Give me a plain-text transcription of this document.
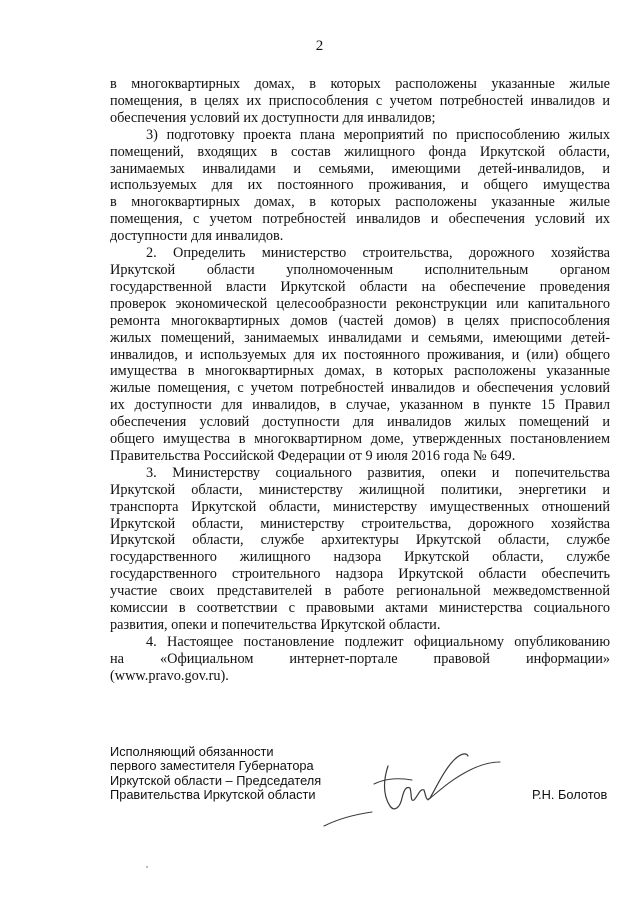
2
в многоквартирных домах, в которых расположены указанные жилые
помещения, в целях их приспособления с учетом потребностей инвалидов и
обеспечения условий их доступности для инвалидов;
3) подготовку проекта плана мероприятий по приспособлению жилых
помещений, входящих в состав жилищного фонда Иркутской области,
занимаемых инвалидами и семьями, имеющими детей-инвалидов, и
используемых для их постоянного проживания, и общего имущества
в многоквартирных домах, в которых расположены указанные жилые
помещения, с учетом потребностей инвалидов и обеспечения условий их
доступности для инвалидов.
2. Определить министерство строительства, дорожного хозяйства
Иркутской области уполномоченным исполнительным органом
государственной власти Иркутской области на обеспечение проведения
проверок экономической целесообразности реконструкции или капитального
ремонта многоквартирных домов (частей домов) в целях приспособления
жилых помещений, занимаемых инвалидами и семьями, имеющими детей-
инвалидов, и используемых для их постоянного проживания, и (или) общего
имущества в многоквартирных домах, в которых расположены указанные
жилые помещения, с учетом потребностей инвалидов и обеспечения условий
их доступности для инвалидов, в случае, указанном в пункте 15 Правил
обеспечения условий доступности для инвалидов жилых помещений и
общего имущества в многоквартирном доме, утвержденных постановлением
Правительства Российской Федерации от 9 июля 2016 года № 649.
3. Министерству социального развития, опеки и попечительства
Иркутской области, министерству жилищной политики, энергетики и
транспорта Иркутской области, министерству имущественных отношений
Иркутской области, министерству строительства, дорожного хозяйства
Иркутской области, службе архитектуры Иркутской области, службе
государственного жилищного надзора Иркутской области, службе
государственного строительного надзора Иркутской области обеспечить
участие своих представителей в работе региональной межведомственной
комиссии в соответствии с правовыми актами министерства социального
развития, опеки и попечительства Иркутской области.
4. Настоящее постановление подлежит официальному опубликованию
на «Официальном интернет-портале правовой информации»
(www.pravo.gov.ru).
Исполняющий обязанности
первого заместителя Губернатора
Иркутской области – Председателя
Правительства Иркутской области	Р.Н. Болотов
